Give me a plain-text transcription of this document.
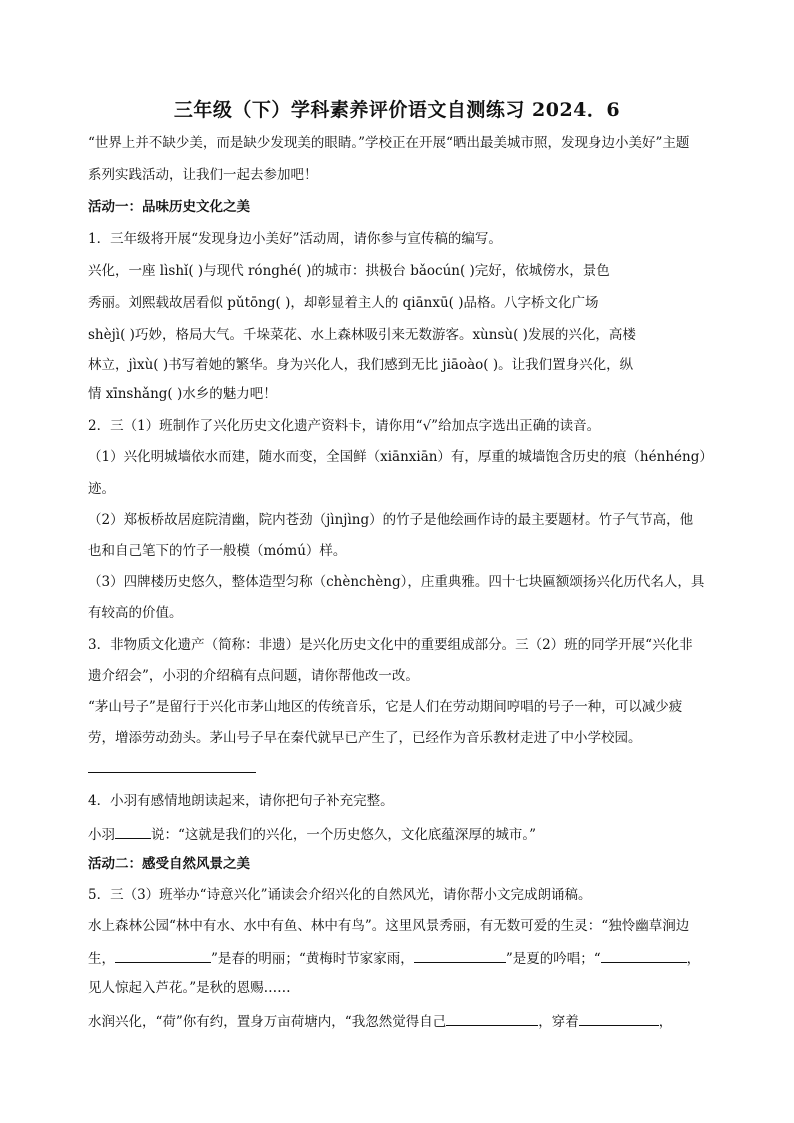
三年级（下）学科素养评价语文自测练习 2024．6
“世界上并不缺少美，而是缺少发现美的眼睛。”学校正在开展“晒出最美城市照，发现身边小美好”主题
系列实践活动，让我们一起去参加吧！
活动一：品味历史文化之美
1．三年级将开展“发现身边小美好”活动周，请你参与宣传稿的编写。
兴化，一座 lìshǐ( )与现代 rónghé( )的城市：拱极台 bǎocún( )完好，依城傍水，景色
秀丽。刘熙载故居看似 pǔtōng( )，却彰显着主人的 qiānxū( )品格。八字桥文化广场
shèjì( )巧妙，格局大气。千垛菜花、水上森林吸引来无数游客。xùnsù( )发展的兴化，高楼
林立，jìxù( )书写着她的繁华。身为兴化人，我们感到无比 jiāoào( )。让我们置身兴化，纵
情 xīnshǎng( )水乡的魅力吧！
2．三（1）班制作了兴化历史文化遗产资料卡，请你用“√”给加点字选出正确的读音。
（1）兴化明城墙依水而建，随水而变，全国鲜（xiānxiān）有，厚重的城墙饱含历史的痕（hénhéng）
迹。
（2）郑板桥故居庭院清幽，院内苍劲（jìnjìng）的竹子是他绘画作诗的最主要题材。竹子气节高，他
也和自己笔下的竹子一般模（mómú）样。
（3）四牌楼历史悠久，整体造型匀称（chènchèng），庄重典雅。四十七块匾额颂扬兴化历代名人，具
有较高的价值。
3．非物质文化遗产（简称：非遗）是兴化历史文化中的重要组成部分。三（2）班的同学开展“兴化非
遗介绍会”，小羽的介绍稿有点问题，请你帮他改一改。
“茅山号子”是留行于兴化市茅山地区的传统音乐，它是人们在劳动期间哼唱的号子一种，可以减少疲
劳，增添劳动劲头。茅山号子早在秦代就早已产生了，已经作为音乐教材走进了中小学校园。
4．小羽有感情地朗读起来，请你把句子补充完整。
小羽	说：“这就是我们的兴化，一个历史悠久，文化底蕴深厚的城市。”
活动二：感受自然风景之美
5．三（3）班举办“诗意兴化”诵读会介绍兴化的自然风光，请你帮小文完成朗诵稿。
水上森林公园“林中有水、水中有鱼、林中有鸟”。这里风景秀丽，有无数可爱的生灵：“独怜幽草涧边
生，	”是春的明丽；“黄梅时节家家雨，	”是夏的吟唱；“	，
见人惊起入芦花。”是秋的恩赐……
水润兴化，“荷”你有约，置身万亩荷塘内，“我忽然觉得自己	，穿着	，
